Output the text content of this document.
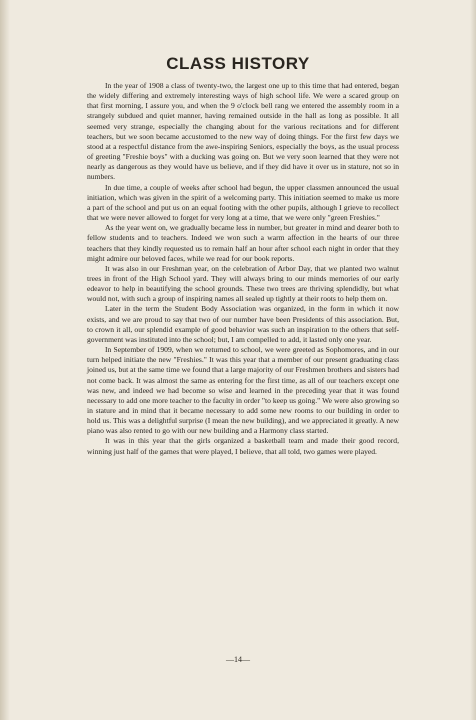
CLASS HISTORY

In the year of 1908 a class of twenty-two, the largest one up to this time that had entered, began the widely differing and extremely interesting ways of high school life. We were a scared group on that first morning, I assure you, and when the 9 o'clock bell rang we entered the assembly room in a strangely subdued and quiet manner, having remained outside in the hall as long as possible. It all seemed very strange, especially the changing about for the various recitations and for different teachers, but we soon became accustomed to the new way of doing things. For the first few days we stood at a respectful distance from the awe-inspiring Seniors, especially the boys, as the usual process of greeting "Freshie boys" with a ducking was going on. But we very soon learned that they were not nearly as dangerous as they would have us believe, and if they did have it over us in stature, not so in numbers.

In due time, a couple of weeks after school had begun, the upper classmen announced the usual initiation, which was given in the spirit of a welcoming party. This initiation seemed to make us more a part of the school and put us on an equal footing with the other pupils, although I grieve to recollect that we were never allowed to forget for very long at a time, that we were only "green Freshies."

As the year went on, we gradually became less in number, but greater in mind and dearer both to fellow students and to teachers. Indeed we won such a warm affection in the hearts of our three teachers that they kindly requested us to remain half an hour after school each night in order that they might admire our beloved faces, while we read for our book reports.

It was also in our Freshman year, on the celebration of Arbor Day, that we planted two walnut trees in front of the High School yard. They will always bring to our minds memories of our early edeavor to help in beautifying the school grounds. These two trees are thriving splendidly, but what would not, with such a group of inspiring names all sealed up tightly at their roots to help them on.

Later in the term the Student Body Association was organized, in the form in which it now exists, and we are proud to say that two of our number have been Presidents of this association. But, to crown it all, our splendid example of good behavior was such an inspiration to the others that self-government was instituted into the school; but, I am compelled to add, it lasted only one year.

In September of 1909, when we returned to school, we were greeted as Sophomores, and in our turn helped initiate the new "Freshies." It was this year that a member of our present graduating class joined us, but at the same time we found that a large majority of our Freshmen brothers and sisters had not come back. It was almost the same as entering for the first time, as all of our teachers except one was new, and indeed we had become so wise and learned in the preceding year that it was found necessary to add one more teacher to the faculty in order "to keep us going." We were also growing so in stature and in mind that it became necessary to add some new rooms to our building in order to hold us. This was a delightful surprise (I mean the new building), and we appreciated it greatly. A new piano was also rented to go with our new building and a Harmony class started.

It was in this year that the girls organized a basketball team and made their good record, winning just half of the games that were played, I believe, that all told, two games were played.

—14—
